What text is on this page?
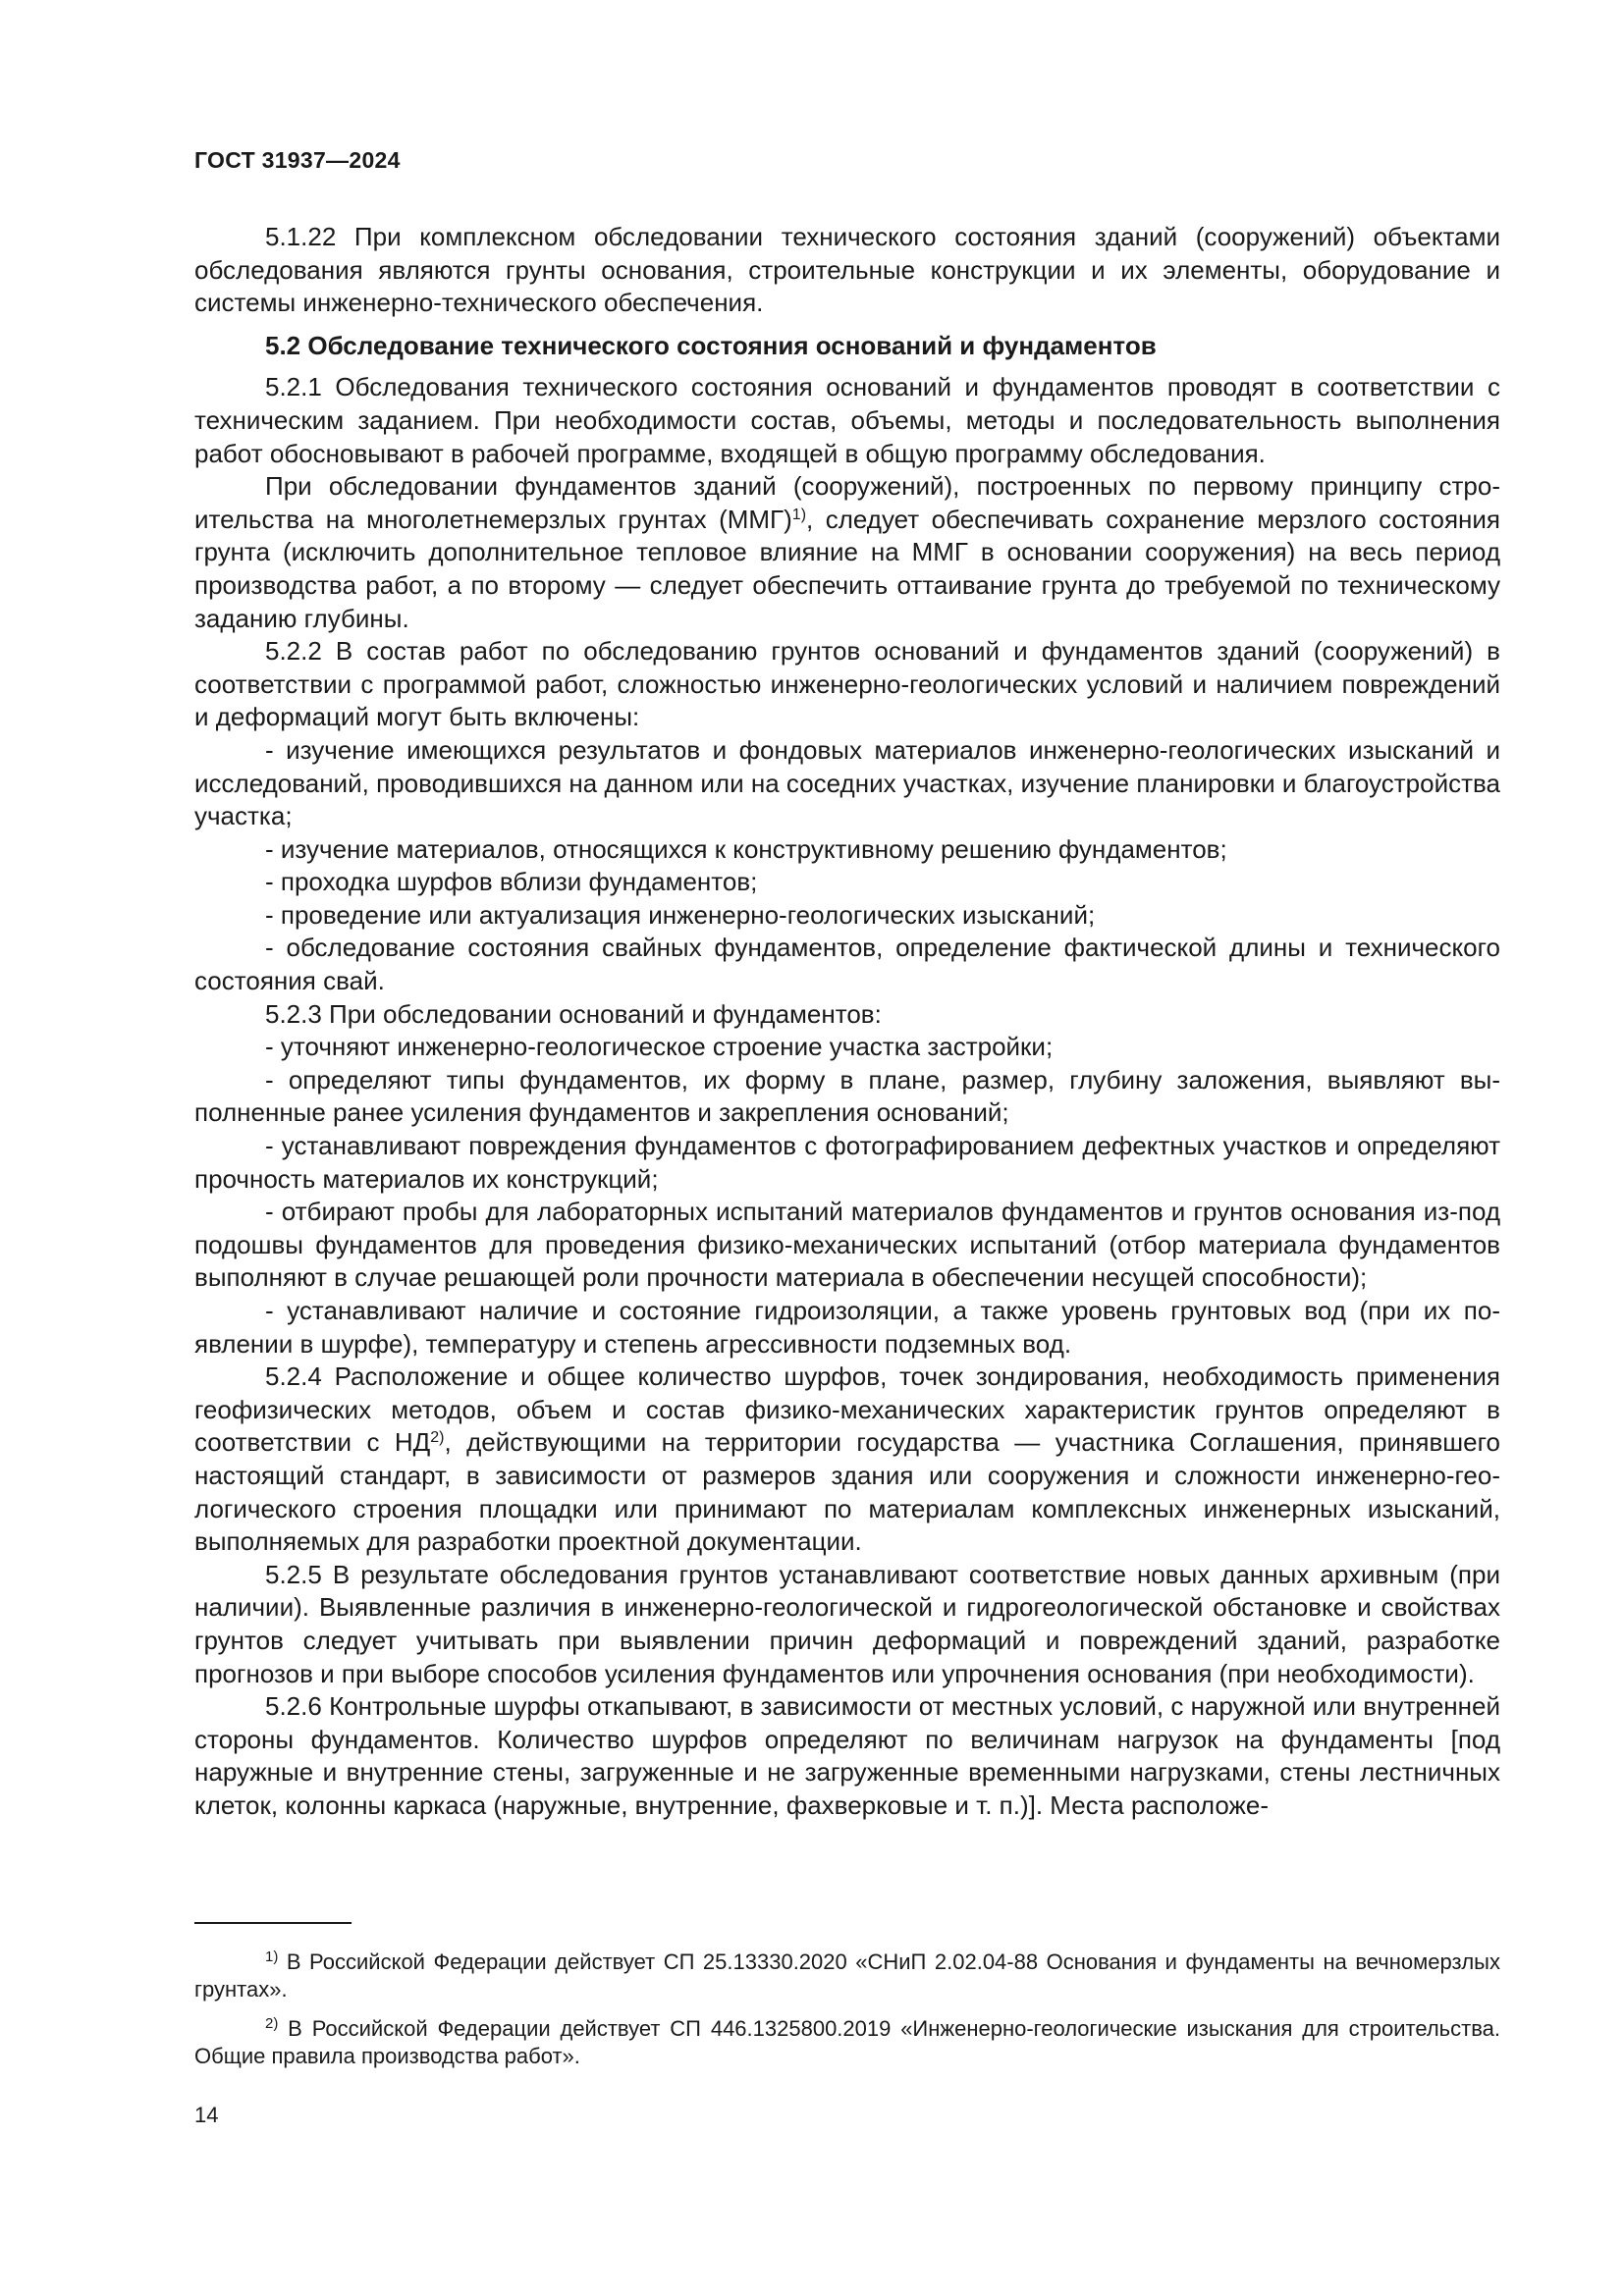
ГОСТ 31937—2024

5.1.22 При комплексном обследовании технического состояния зданий (сооружений) объектами обследования являются грунты основания, строительные конструкции и их элементы, оборудование и системы инженерно-технического обеспечения.

5.2 Обследование технического состояния оснований и фундаментов

5.2.1 Обследования технического состояния оснований и фундаментов проводят в соответствии с техническим заданием. При необходимости состав, объемы, методы и последовательность выполнения работ обосновывают в рабочей программе, входящей в общую программу обследования.

При обследовании фундаментов зданий (сооружений), построенных по первому принципу строительства на многолетнемерзлых грунтах (ММГ)$^{1)}$, следует обеспечивать сохранение мерзлого состояния грунта (исключить дополнительное тепловое влияние на ММГ в основании сооружения) на весь период производства работ, а по второму — следует обеспечить оттаивание грунта до требуемой по техническому заданию глубины.

5.2.2 В состав работ по обследованию грунтов оснований и фундаментов зданий (сооружений) в соответствии с программой работ, сложностью инженерно-геологических условий и наличием повреждений и деформаций могут быть включены:

- изучение имеющихся результатов и фондовых материалов инженерно-геологических изысканий и исследований, проводившихся на данном или на соседних участках, изучение планировки и благоустройства участка;

- изучение материалов, относящихся к конструктивному решению фундаментов;

- проходка шурфов вблизи фундаментов;

- проведение или актуализация инженерно-геологических изысканий;

- обследование состояния свайных фундаментов, определение фактической длины и технического состояния свай.

5.2.3 При обследовании оснований и фундаментов:

- уточняют инженерно-геологическое строение участка застройки;

- определяют типы фундаментов, их форму в плане, размер, глубину заложения, выявляют выполненные ранее усиления фундаментов и закрепления оснований;

- устанавливают повреждения фундаментов с фотографированием дефектных участков и определяют прочность материалов их конструкций;

- отбирают пробы для лабораторных испытаний материалов фундаментов и грунтов основания из-под подошвы фундаментов для проведения физико-механических испытаний (отбор материала фундаментов выполняют в случае решающей роли прочности материала в обеспечении несущей способности);

- устанавливают наличие и состояние гидроизоляции, а также уровень грунтовых вод (при их появлении в шурфе), температуру и степень агрессивности подземных вод.

5.2.4 Расположение и общее количество шурфов, точек зондирования, необходимость применения геофизических методов, объем и состав физико-механических характеристик грунтов определяют в соответствии с НД$^{2)}$, действующими на территории государства — участника Соглашения, принявшего настоящий стандарт, в зависимости от размеров здания или сооружения и сложности инженерно-геологического строения площадки или принимают по материалам комплексных инженерных изысканий, выполняемых для разработки проектной документации.

5.2.5 В результате обследования грунтов устанавливают соответствие новых данных архивным (при наличии). Выявленные различия в инженерно-геологической и гидрогеологической обстановке и свойствах грунтов следует учитывать при выявлении причин деформаций и повреждений зданий, разработке прогнозов и при выборе способов усиления фундаментов или упрочнения основания (при необходимости).

5.2.6 Контрольные шурфы откапывают, в зависимости от местных условий, с наружной или внутренней стороны фундаментов. Количество шурфов определяют по величинам нагрузок на фундаменты [под наружные и внутренние стены, загруженные и не загруженные временными нагрузками, стены лестничных клеток, колонны каркаса (наружные, внутренние, фахверковые и т. п.)]. Места расположе-

$^{1)}$ В Российской Федерации действует СП 25.13330.2020 «СНиП 2.02.04-88 Основания и фундаменты на вечномерзлых грунтах».

$^{2)}$ В Российской Федерации действует СП 446.1325800.2019 «Инженерно-геологические изыскания для строительства. Общие правила производства работ».

14
